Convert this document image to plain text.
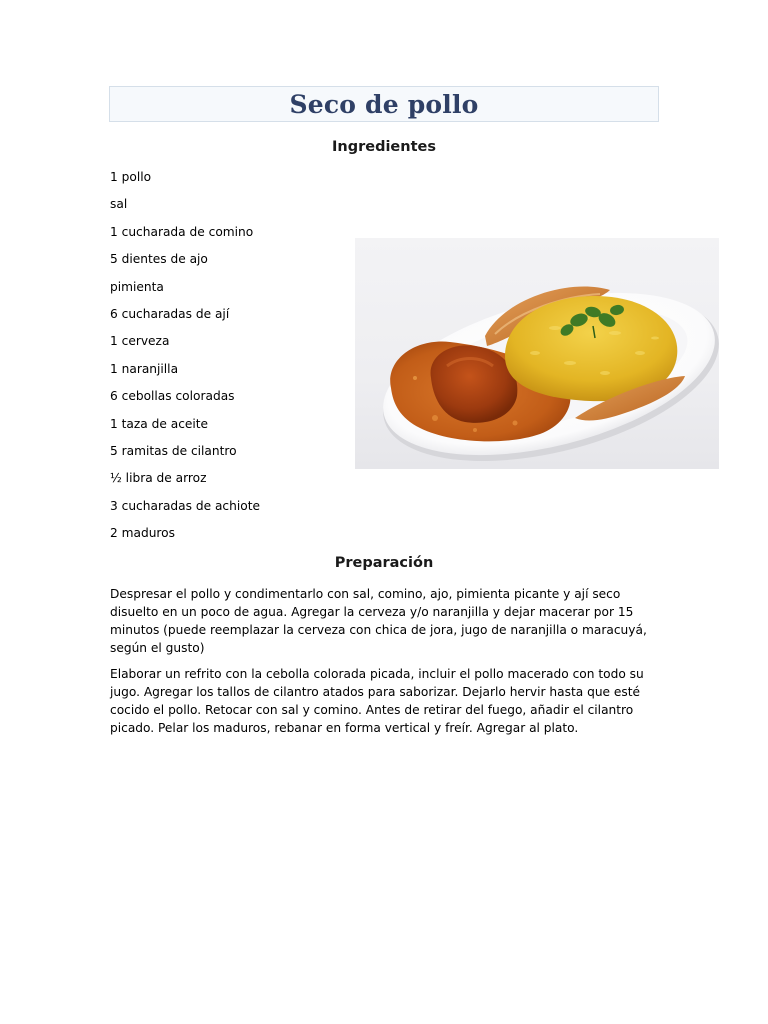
Seco de pollo
Ingredientes
1 pollo
sal
1 cucharada de comino
5 dientes de ajo
pimienta
6 cucharadas de ají
1 cerveza
1 naranjilla
6 cebollas coloradas
1 taza de aceite
5 ramitas de cilantro
½ libra de arroz
3 cucharadas de achiote
2 maduros
Preparación

Despresar el pollo y condimentarlo con sal, comino, ajo, pimienta picante y ají seco disuelto en un poco de agua. Agregar la cerveza y/o naranjilla y dejar macerar por 15 minutos (puede reemplazar la cerveza con chica de jora, jugo de naranjilla o maracuyá, según el gusto)

Elaborar un refrito con la cebolla colorada picada, incluir el pollo macerado con todo su jugo. Agregar los tallos de cilantro atados para saborizar. Dejarlo hervir hasta que esté cocido el pollo. Retocar con sal y comino. Antes de retirar del fuego, añadir el cilantro picado. Pelar los maduros, rebanar en forma vertical y freír. Agregar al plato.
